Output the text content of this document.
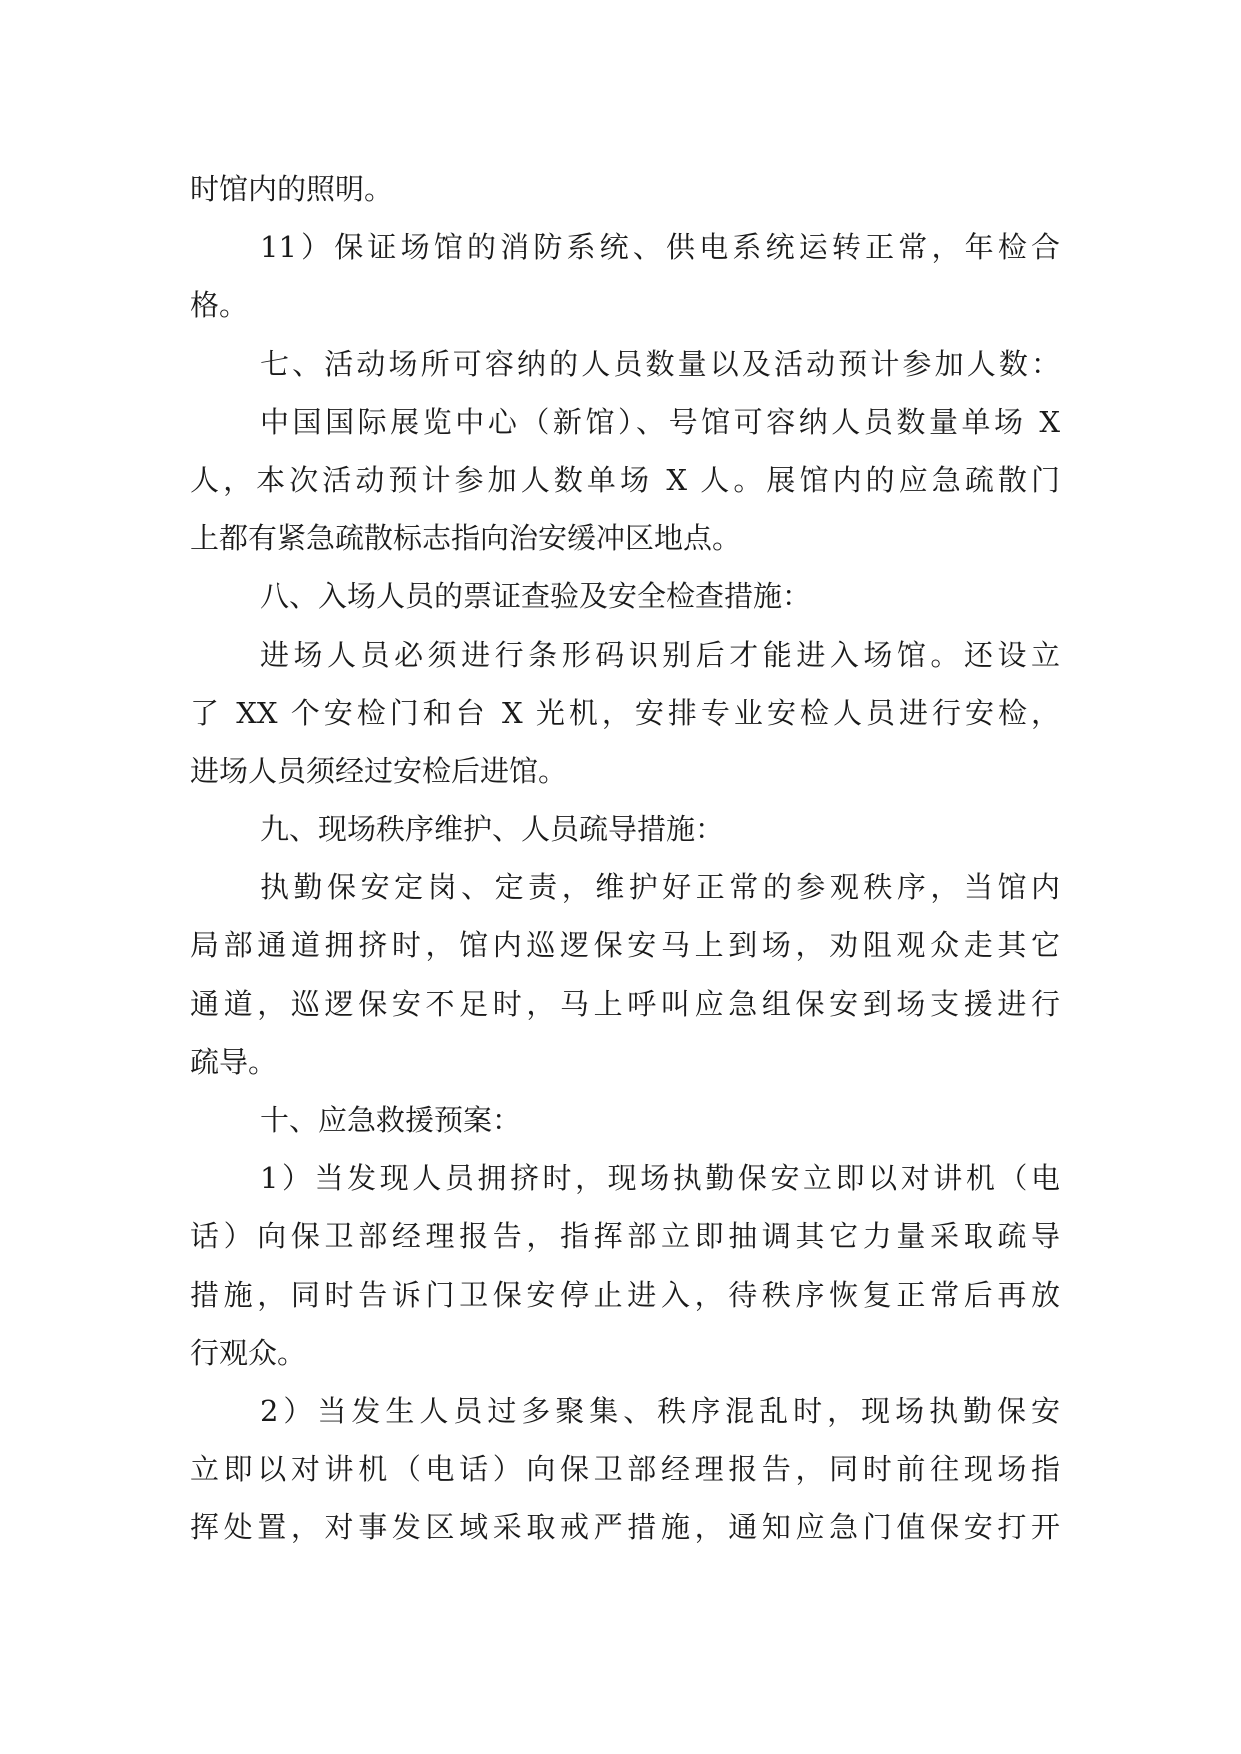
时馆内的照明。
11）保证场馆的消防系统、供电系统运转正常，年检合
格。
七、活动场所可容纳的人员数量以及活动预计参加人数：
中国国际展览中心（新馆）、号馆可容纳人员数量单场 X
人，本次活动预计参加人数单场 X 人。展馆内的应急疏散门
上都有紧急疏散标志指向治安缓冲区地点。
八、入场人员的票证查验及安全检查措施：
进场人员必须进行条形码识别后才能进入场馆。还设立
了 XX 个安检门和台 X 光机，安排专业安检人员进行安检，
进场人员须经过安检后进馆。
九、现场秩序维护、人员疏导措施：
执勤保安定岗、定责，维护好正常的参观秩序，当馆内
局部通道拥挤时，馆内巡逻保安马上到场，劝阻观众走其它
通道，巡逻保安不足时，马上呼叫应急组保安到场支援进行
疏导。
十、应急救援预案：
1）当发现人员拥挤时，现场执勤保安立即以对讲机（电
话）向保卫部经理报告，指挥部立即抽调其它力量采取疏导
措施，同时告诉门卫保安停止进入，待秩序恢复正常后再放
行观众。
2）当发生人员过多聚集、秩序混乱时，现场执勤保安
立即以对讲机（电话）向保卫部经理报告，同时前往现场指
挥处置，对事发区域采取戒严措施，通知应急门值保安打开
